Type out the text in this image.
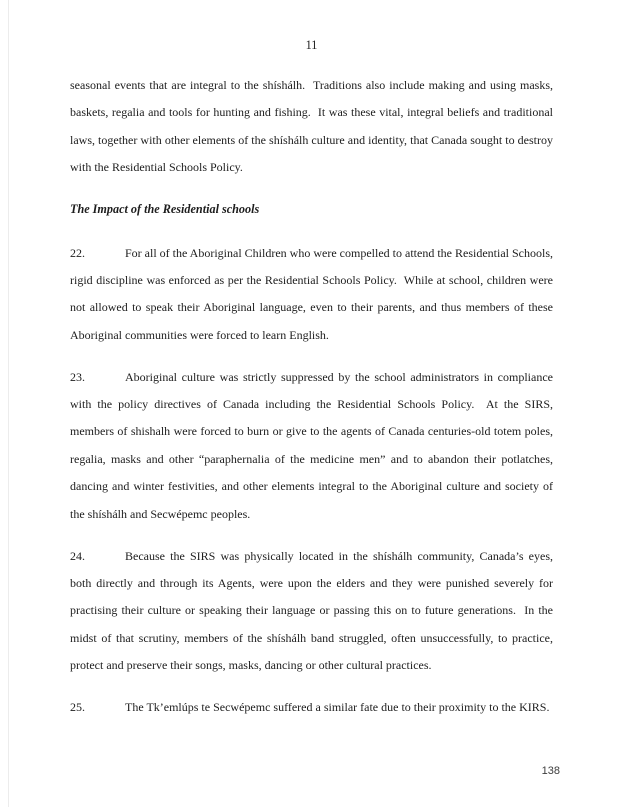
11

seasonal events that are integral to the shíshálh.  Traditions also include making and using masks, baskets, regalia and tools for hunting and fishing.  It was these vital, integral beliefs and traditional laws, together with other elements of the shíshálh culture and identity, that Canada sought to destroy with the Residential Schools Policy.

The Impact of the Residential schools

22.	For all of the Aboriginal Children who were compelled to attend the Residential Schools, rigid discipline was enforced as per the Residential Schools Policy.  While at school, children were not allowed to speak their Aboriginal language, even to their parents, and thus members of these Aboriginal communities were forced to learn English.

23.	Aboriginal culture was strictly suppressed by the school administrators in compliance with the policy directives of Canada including the Residential Schools Policy.  At the SIRS, members of shishalh were forced to burn or give to the agents of Canada centuries-old totem poles, regalia, masks and other “paraphernalia of the medicine men” and to abandon their potlatches, dancing and winter festivities, and other elements integral to the Aboriginal culture and society of the shíshálh and Secwépemc peoples.

24.	Because the SIRS was physically located in the shíshálh community, Canada’s eyes, both directly and through its Agents, were upon the elders and they were punished severely for practising their culture or speaking their language or passing this on to future generations.  In the midst of that scrutiny, members of the shíshálh band struggled, often unsuccessfully, to practice, protect and preserve their songs, masks, dancing or other cultural practices.

25.	The Tk’emlúps te Secwépemc suffered a similar fate due to their proximity to the KIRS.

138
